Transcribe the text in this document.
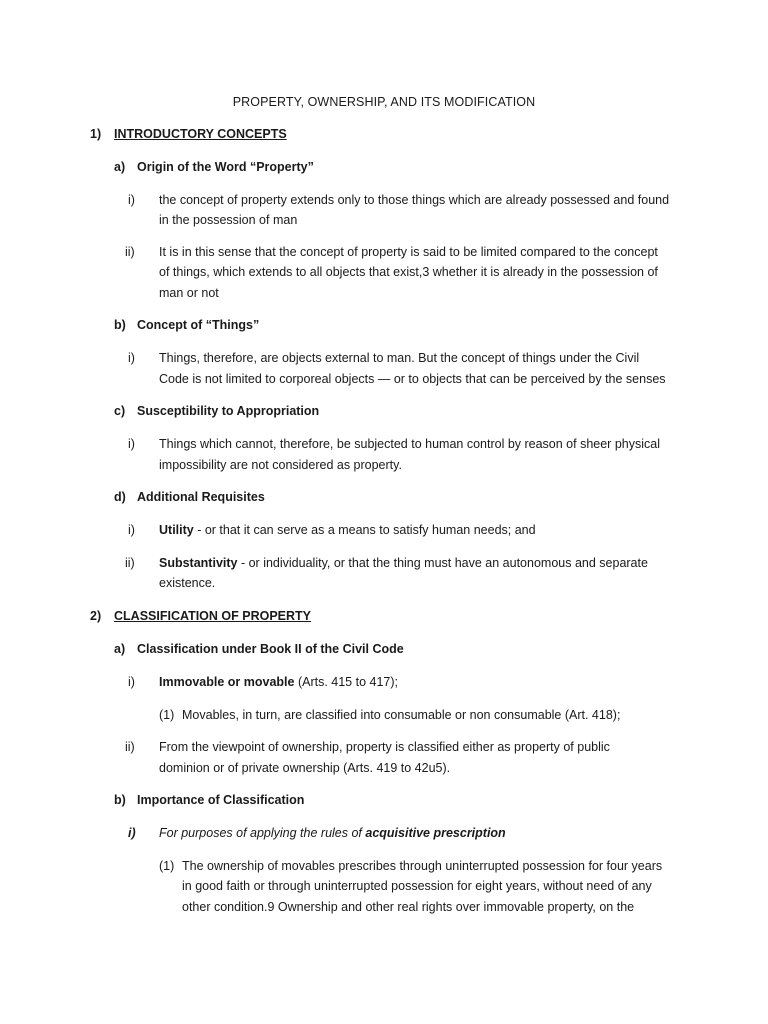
PROPERTY, OWNERSHIP, AND ITS MODIFICATION
1) INTRODUCTORY CONCEPTS
a) Origin of the Word “Property”
i) the concept of property extends only to those things which are already possessed and found
in the possession of man
ii) It is in this sense that the concept of property is said to be limited compared to the concept
of things, which extends to all objects that exist,3 whether it is already in the possession of
man or not
b) Concept of “Things”
i) Things, therefore, are objects external to man. But the concept of things under the Civil
Code is not limited to corporeal objects — or to objects that can be perceived by the senses
c) Susceptibility to Appropriation
i) Things which cannot, therefore, be subjected to human control by reason of sheer physical
impossibility are not considered as property.
d) Additional Requisites
i) Utility - or that it can serve as a means to satisfy human needs; and
ii) Substantivity - or individuality, or that the thing must have an autonomous and separate
existence.
2) CLASSIFICATION OF PROPERTY
a) Classification under Book II of the Civil Code
i) Immovable or movable (Arts. 415 to 417);
(1) Movables, in turn, are classified into consumable or non consumable (Art. 418);
ii) From the viewpoint of ownership, property is classified either as property of public
dominion or of private ownership (Arts. 419 to 42u5).
b) Importance of Classification
i) For purposes of applying the rules of acquisitive prescription
(1) The ownership of movables prescribes through uninterrupted possession for four years
in good faith or through uninterrupted possession for eight years, without need of any
other condition.9 Ownership and other real rights over immovable property, on the
